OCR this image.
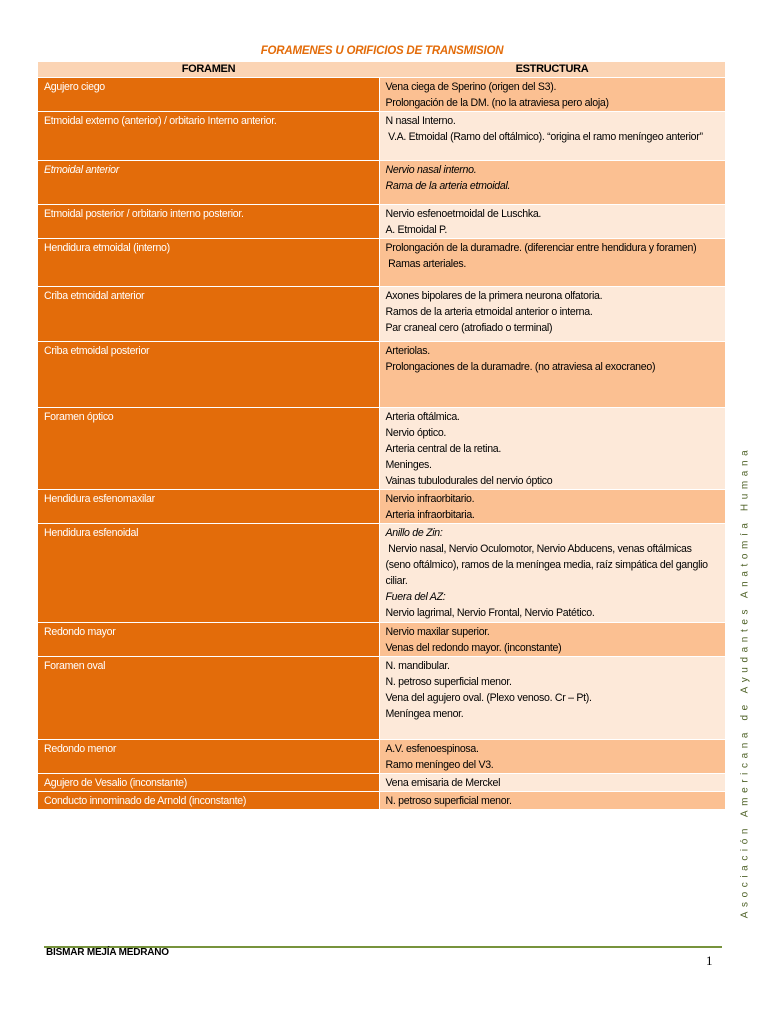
FORAMENES U ORIFICIOS DE TRANSMISION
FORAMEN	ESTRUCTURA
Agujero ciego	Vena ciega de Sperino (origen del S3).
Prolongación de la DM. (no la atraviesa pero aloja)

Etmoidal externo (anterior) / orbitario Interno anterior.	N nasal Interno.
V.A. Etmoidal (Ramo del oftálmico). “origina el ramo meníngeo anterior”

Etmoidal anterior	Nervio nasal interno.
Rama de la arteria etmoidal.

Etmoidal posterior / orbitario interno posterior.	Nervio esfenoetmoidal de Luschka.
A. Etmoidal P.

Hendidura etmoidal (interno)	Prolongación de la duramadre. (diferenciar entre hendidura y foramen)
Ramas arteriales.

Criba etmoidal anterior	Axones bipolares de la primera neurona olfatoria.
Ramos de la arteria etmoidal anterior o interna.
Par craneal cero (atrofiado o terminal)

Criba etmoidal posterior	Arteriolas.
Prolongaciones de la duramadre. (no atraviesa al exocraneo)

Foramen óptico	Arteria oftálmica.
Nervio óptico.
Arteria central de la retina.
Meninges.
Vainas tubulodurales del nervio óptico

Hendidura esfenomaxilar	Nervio infraorbitario.
Arteria infraorbitaria.

Hendidura esfenoidal	Anillo de Zin:
Nervio nasal, Nervio Oculomotor, Nervio Abducens, venas oftálmicas (seno oftálmico), ramos de la meníngea media, raíz simpática del ganglio ciliar.
Fuera del AZ:
Nervio lagrimal, Nervio Frontal, Nervio Patético.

Redondo mayor	Nervio maxilar superior.
Venas del redondo mayor. (inconstante)

Foramen oval	N. mandibular.
N. petroso superficial menor.
Vena del agujero oval. (Plexo venoso. Cr – Pt).
Meníngea menor.

Redondo menor	A.V. esfenoespinosa.
Ramo meníngeo del V3.

Agujero de Vesalio (inconstante)	Vena emisaria de Merckel

Conducto innominado de Arnold (inconstante)	N. petroso superficial menor.
BISMAR MEJÍA MEDRANO
1
Asociación Americana de Ayudantes Anatomía Humana
